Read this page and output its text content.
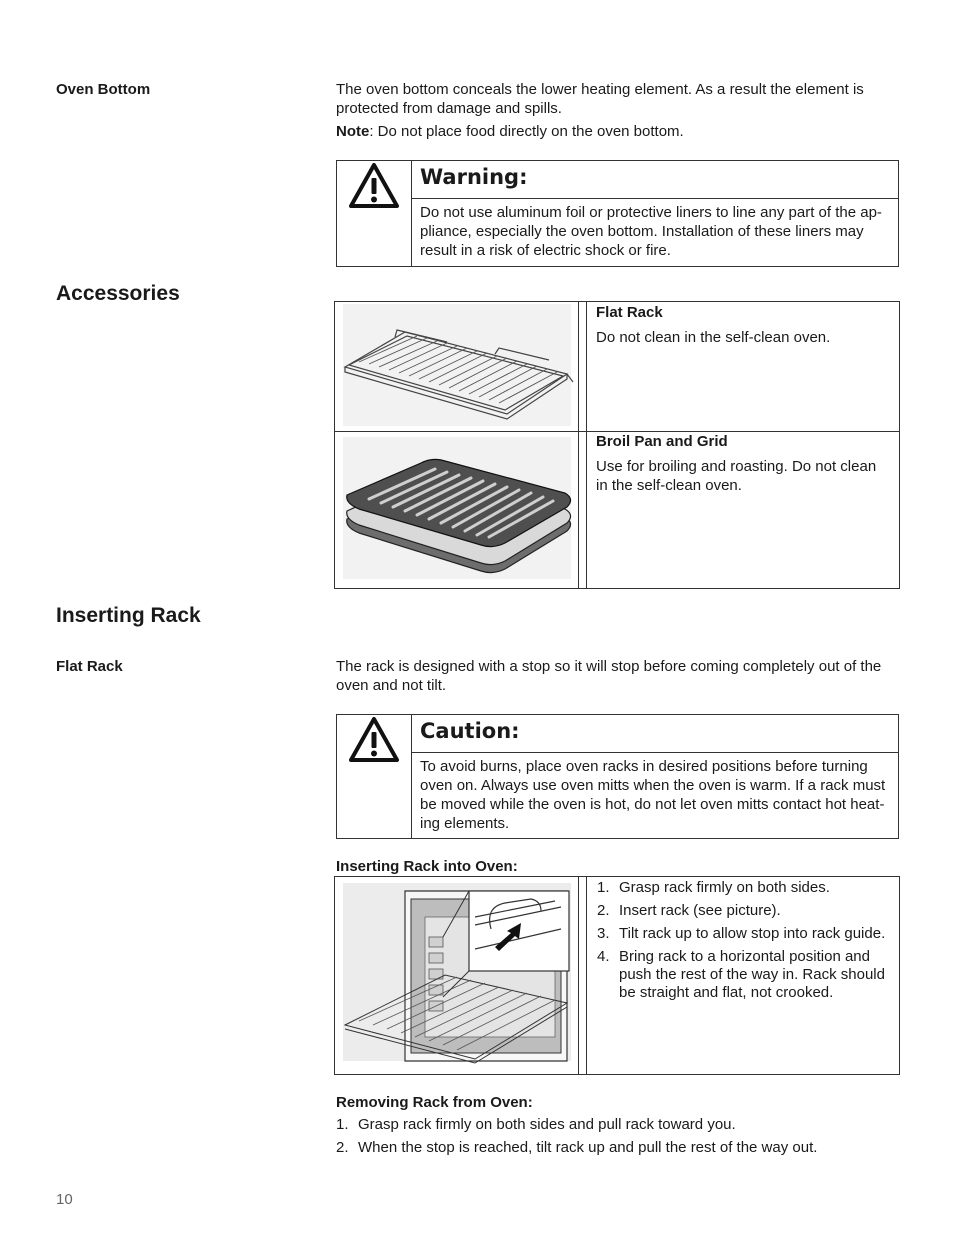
Oven Bottom	The oven bottom conceals the lower heating element. As a result the element is protected from damage and spills.

Note: Do not place food directly on the oven bottom.

Warning:
Do not use aluminum foil or protective liners to line any part of the ap-pliance, especially the oven bottom. Installation of these liners may result in a risk of electric shock or fire.
Accessories
Flat Rack
Do not clean in the self-clean oven.
Broil Pan and Grid
Use for broiling and roasting. Do not clean in the self-clean oven.
Inserting Rack
Flat Rack	The rack is designed with a stop so it will stop before coming completely out of the oven and not tilt.
Caution:
To avoid burns, place oven racks in desired positions before turning oven on. Always use oven mitts when the oven is warm. If a rack must be moved while the oven is hot, do not let oven mitts contact hot heat-ing elements.
Inserting Rack into Oven:
1. Grasp rack firmly on both sides.
2. Insert rack (see picture).
3. Tilt rack up to allow stop into rack guide.
4. Bring rack to a horizontal position and push the rest of the way in. Rack should be straight and flat, not crooked.
Removing Rack from Oven:
1. Grasp rack firmly on both sides and pull rack toward you.
2. When the stop is reached, tilt rack up and pull the rest of the way out.
10
